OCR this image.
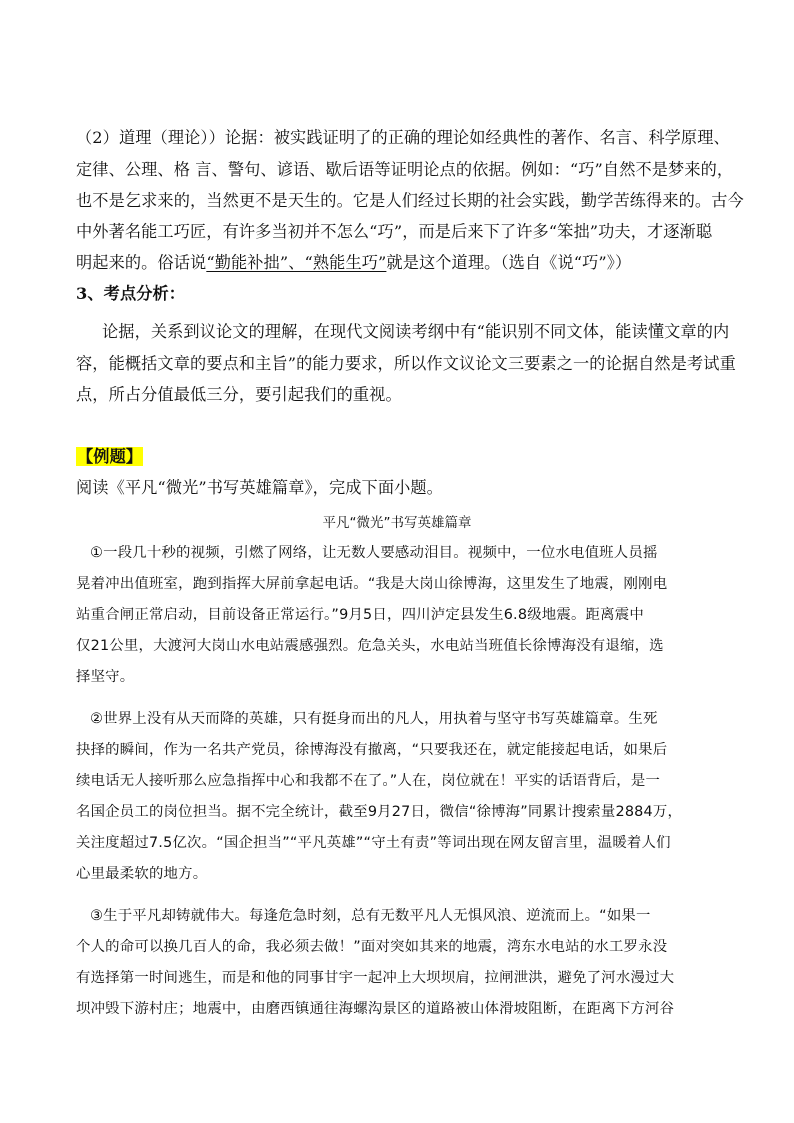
（2）道理（理论））论据：被实践证明了的正确的理论如经典性的著作、名言、科学原理、
定律、公理、格 言、警句、谚语、歇后语等证明论点的依据。例如：“巧”自然不是梦来的，
也不是乞求来的，当然更不是天生的。它是人们经过长期的社会实践，勤学苦练得来的。古今
中外著名能工巧匠，有许多当初并不怎么“巧”，而是后来下了许多“笨拙”功夫，才逐渐聪
明起来的。俗话说“勤能补拙”、“熟能生巧”就是这个道理。（选自《说“巧”》）
3、考点分析：
论据，关系到议论文的理解，在现代文阅读考纲中有“能识别不同文体，能读懂文章的内
容，能概括文章的要点和主旨”的能力要求，所以作文议论文三要素之一的论据自然是考试重
点，所占分值最低三分，要引起我们的重视。
【例题】
阅读《平凡“微光”书写英雄篇章》，完成下面小题。
平凡“微光”书写英雄篇章
①一段几十秒的视频，引燃了网络，让无数人要感动泪目。视频中，一位水电值班人员摇
晃着冲出值班室，跑到指挥大屏前拿起电话。“我是大岗山徐博海，这里发生了地震，刚刚电
站重合闸正常启动，目前设备正常运行。”9月5日，四川泸定县发生6.8级地震。距离震中
仅21公里，大渡河大岗山水电站震感强烈。危急关头，水电站当班值长徐博海没有退缩，选
择坚守。
②世界上没有从天而降的英雄，只有挺身而出的凡人，用执着与坚守书写英雄篇章。生死
抉择的瞬间，作为一名共产党员，徐博海没有撤离，“只要我还在，就定能接起电话，如果后
续电话无人接听那么应急指挥中心和我都不在了。”人在，岗位就在！平实的话语背后，是一
名国企员工的岗位担当。据不完全统计，截至9月27日，微信“徐博海”同累计搜索量2884万，
关注度超过7.5亿次。“国企担当”“平凡英雄”“守土有责”等词出现在网友留言里，温暖着人们
心里最柔软的地方。
③生于平凡却铸就伟大。每逢危急时刻，总有无数平凡人无惧风浪、逆流而上。“如果一
个人的命可以换几百人的命，我必须去做！”面对突如其来的地震，湾东水电站的水工罗永没
有选择第一时间逃生，而是和他的同事甘宇一起冲上大坝坝肩，拉闸泄洪，避免了河水漫过大
坝冲毁下游村庄；地震中，由磨西镇通往海螺沟景区的道路被山体滑坡阻断，在距离下方河谷
